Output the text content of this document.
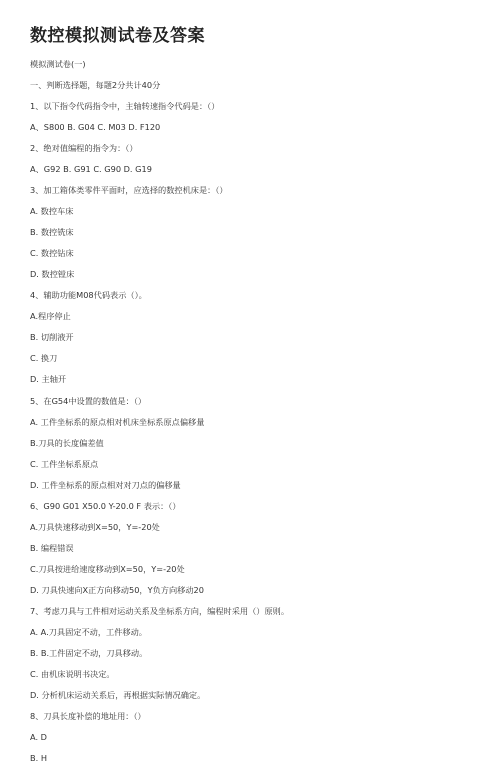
数控模拟测试卷及答案
模拟测试卷(一)
一、判断选择题，每题2分共计40分
1、以下指令代码指令中，主轴转速指令代码是：（）
A、S800 B. G04 C. M03 D. F120
2、绝对值编程的指令为：（）
A、G92 B. G91 C. G90 D. G19
3、加工箱体类零件平面时，应选择的数控机床是：（）
A. 数控车床
B. 数控铣床
C. 数控钻床
D. 数控镗床
4、辅助功能M08代码表示（）。
A.程序停止
B. 切削液开
C. 换刀
D. 主轴开
5、在G54中设置的数值是：（）
A. 工件坐标系的原点相对机床坐标系原点偏移量
B.刀具的长度偏差值
C. 工件坐标系原点
D. 工件坐标系的原点相对对刀点的偏移量
6、G90 G01 X50.0 Y-20.0 F 表示：（）
A.刀具快速移动到X=50，Y=-20处
B. 编程错误
C.刀具按进给速度移动到X=50，Y=-20处
D. 刀具快速向X正方向移动50，Y负方向移动20
7、考虑刀具与工件相对运动关系及坐标系方向，编程时采用（）原则。
A. A.刀具固定不动，工件移动。
B. B.工件固定不动，刀具移动。
C. 由机床说明书决定。
D. 分析机床运动关系后，再根据实际情况确定。
8、刀具长度补偿的地址用：（）
A. D
B. H
